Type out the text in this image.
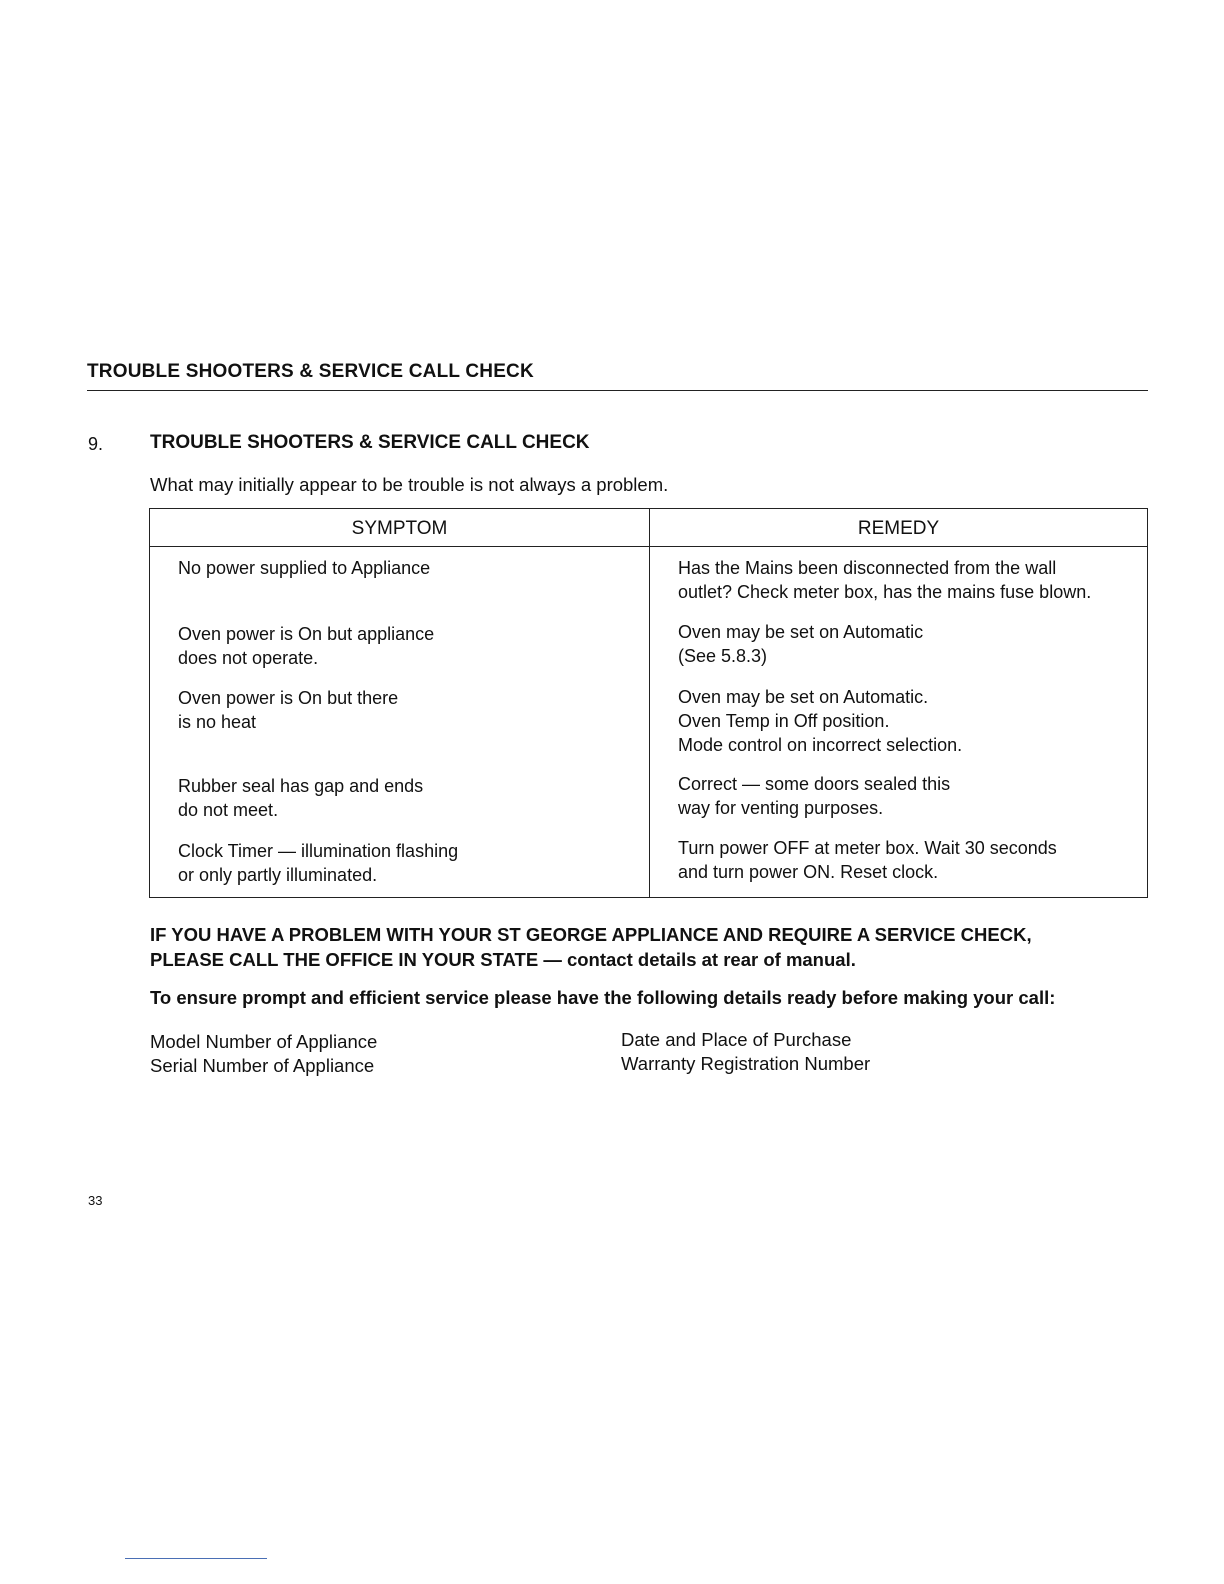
TROUBLE SHOOTERS & SERVICE CALL CHECK
9. TROUBLE SHOOTERS & SERVICE CALL CHECK
What may initially appear to be trouble is not always a problem.
SYMPTOM	REMEDY
No power supplied to Appliance	Has the Mains been disconnected from the wall
outlet? Check meter box, has the mains fuse blown.
Oven power is On but appliance
does not operate.
Oven may be set on Automatic
(See 5.8.3)
Oven power is On but there
is no heat
Oven may be set on Automatic.
Oven Temp in Off position.
Mode control on incorrect selection.
Rubber seal has gap and ends
do not meet.
Correct — some doors sealed this
way for venting purposes.
Clock Timer — illumination flashing
or only partly illuminated.
Turn power OFF at meter box. Wait 30 seconds
and turn power ON. Reset clock.
IF YOU HAVE A PROBLEM WITH YOUR ST GEORGE APPLIANCE AND REQUIRE A SERVICE CHECK,
PLEASE CALL THE OFFICE IN YOUR STATE — contact details at rear of manual.
To ensure prompt and efficient service please have the following details ready before making your call:
Model Number of Appliance
Serial Number of Appliance
Date and Place of Purchase
Warranty Registration Number
33
